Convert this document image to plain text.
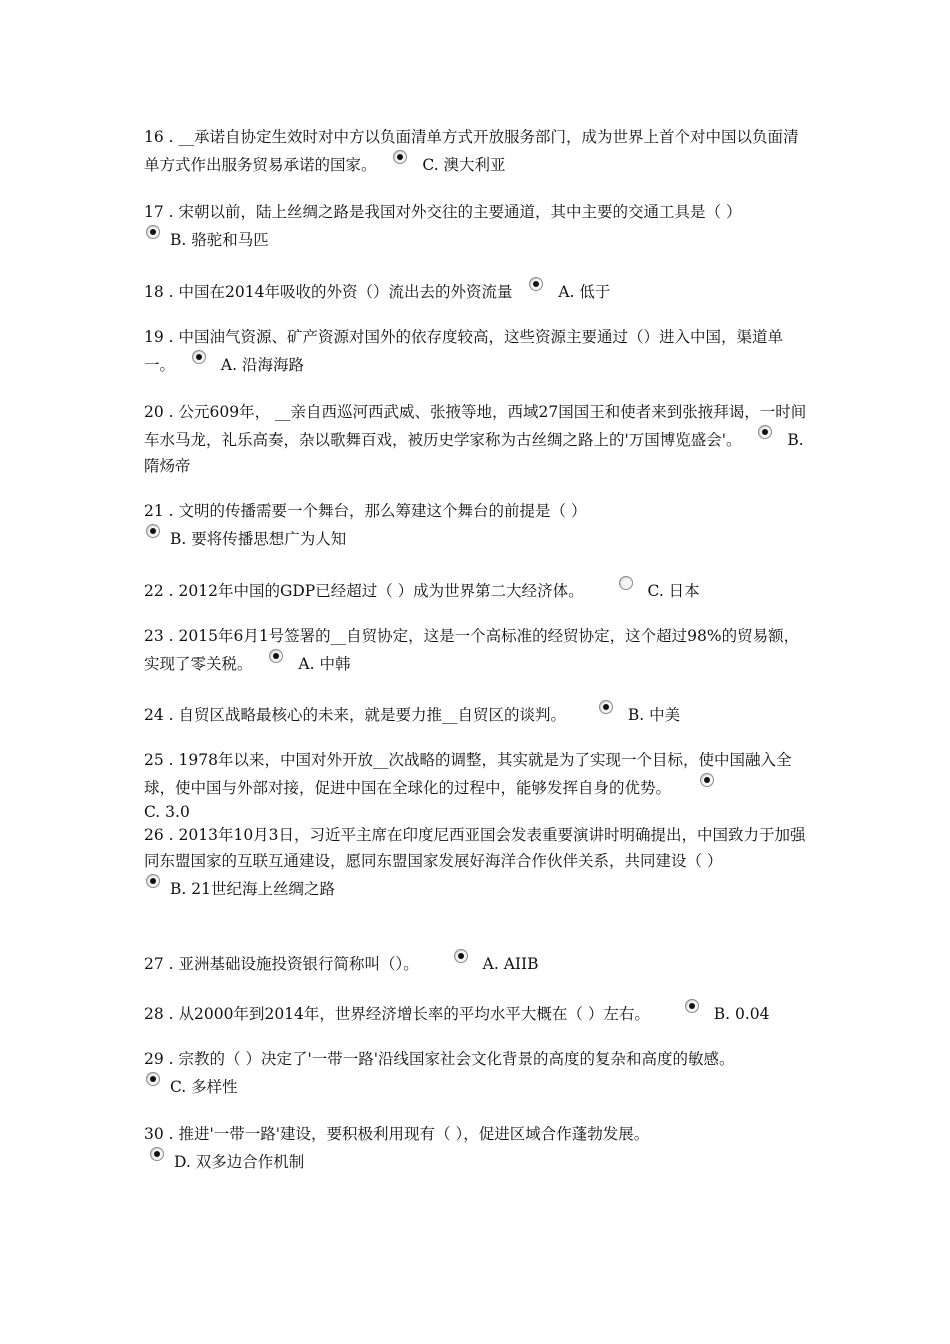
16 . __承诺自协定生效时对中方以负面清单方式开放服务部门，成为世界上首个对中国以负面清单方式作出服务贸易承诺的国家。	C. 澳大利亚
17 . 宋朝以前，陆上丝绸之路是我国对外交往的主要通道，其中主要的交通工具是（ ）
B. 骆驼和马匹
18 . 中国在2014年吸收的外资（）流出去的外资流量	A. 低于
19 . 中国油气资源、矿产资源对国外的依存度较高，这些资源主要通过（）进入中国，渠道单一。	A. 沿海海路
20 . 公元609年， __亲自西巡河西武威、张掖等地，西域27国国王和使者来到张掖拜谒，一时间车水马龙，礼乐高奏，杂以歌舞百戏，被历史学家称为古丝绸之路上的'万国博览盛会'。	B. 隋炀帝
21 . 文明的传播需要一个舞台，那么筹建这个舞台的前提是（ ）
B. 要将传播思想广为人知
22 . 2012年中国的GDP已经超过（ ）成为世界第二大经济体。	C. 日本
23 . 2015年6月1号签署的__自贸协定，这是一个高标准的经贸协定，这个超过98%的贸易额，实现了零关税。	A. 中韩
24 . 自贸区战略最核心的未来，就是要力推__自贸区的谈判。	B. 中美
25 . 1978年以来，中国对外开放__次战略的调整，其实就是为了实现一个目标，使中国融入全球，使中国与外部对接，促进中国在全球化的过程中，能够发挥自身的优势。
C. 3.0
26 . 2013年10月3日，习近平主席在印度尼西亚国会发表重要演讲时明确提出，中国致力于加强同东盟国家的互联互通建设，愿同东盟国家发展好海洋合作伙伴关系，共同建设（ ）
B. 21世纪海上丝绸之路
27 . 亚洲基础设施投资银行简称叫（）。	A. AIIB
28 . 从2000年到2014年，世界经济增长率的平均水平大概在（ ）左右。	B. 0.04
29 . 宗教的（ ）决定了'一带一路'沿线国家社会文化背景的高度的复杂和高度的敏感。
C. 多样性
30 . 推进'一带一路'建设，要积极利用现有（ ），促进区域合作蓬勃发展。
D. 双多边合作机制
